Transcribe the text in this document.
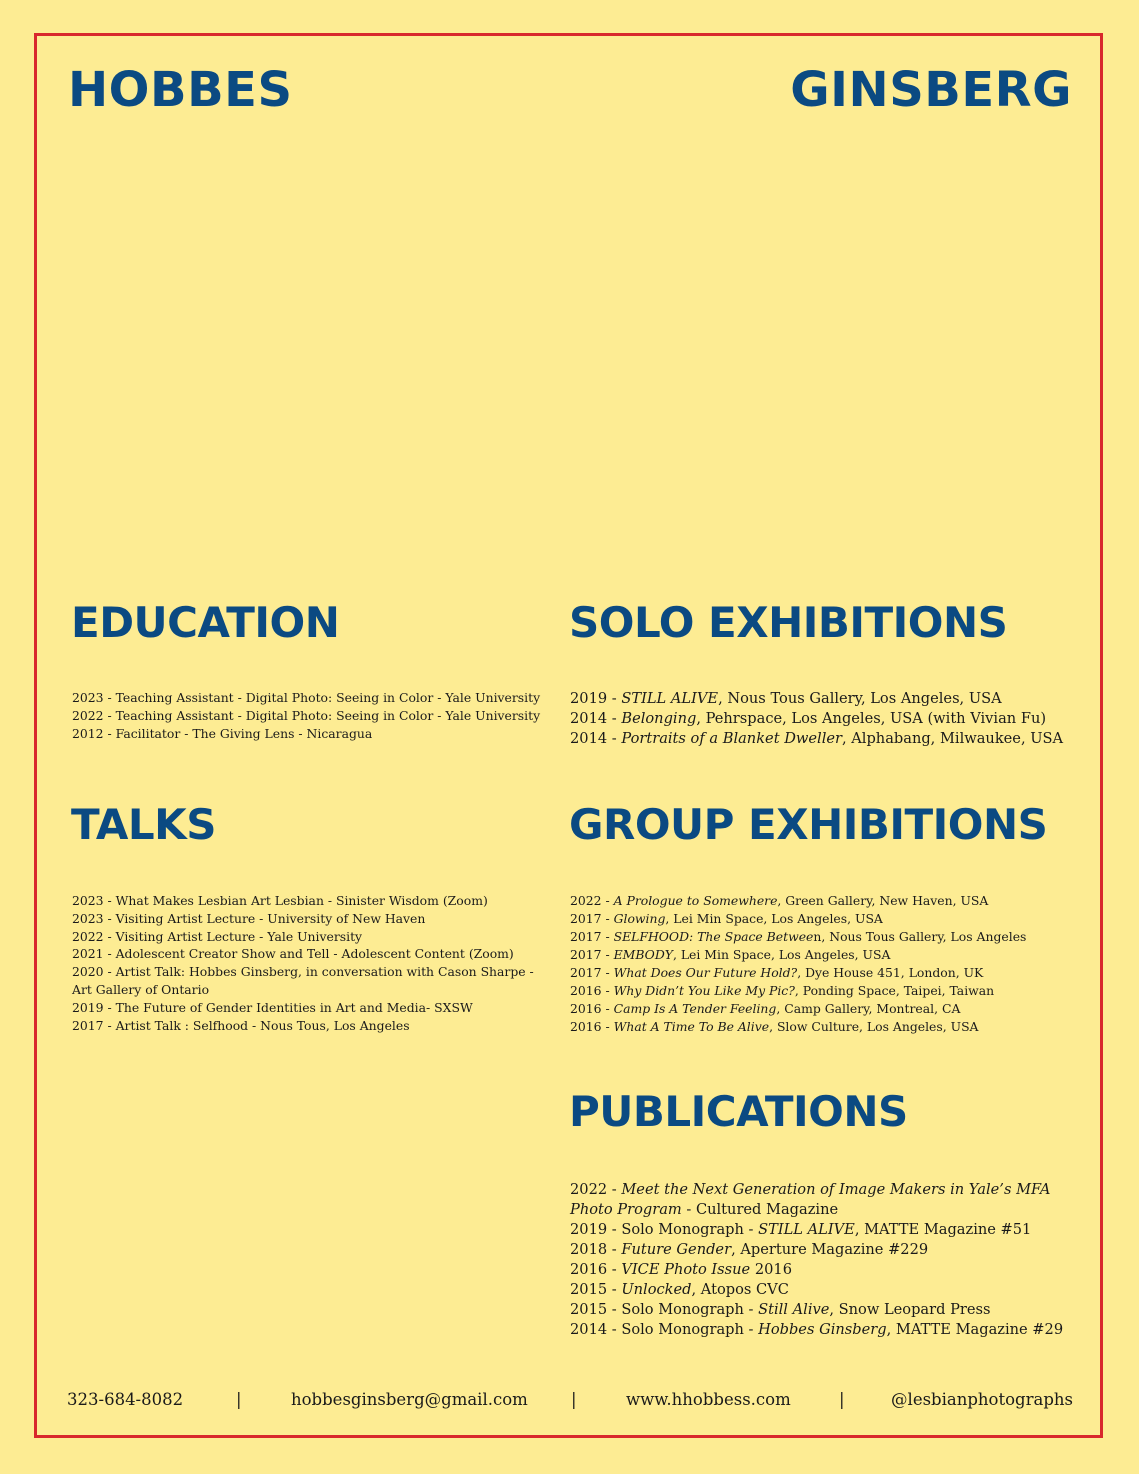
HOBBES	GINSBERG
EDUCATION
2023 - Teaching Assistant - Digital Photo: Seeing in Color - Yale University
2022 - Teaching Assistant - Digital Photo: Seeing in Color - Yale University
2012 - Facilitator - The Giving Lens - Nicaragua
TALKS
2023 - What Makes Lesbian Art Lesbian - Sinister Wisdom (Zoom)
2023 - Visiting Artist Lecture - University of New Haven
2022 - Visiting Artist Lecture - Yale University
2021 - Adolescent Creator Show and Tell - Adolescent Content (Zoom)
2020 - Artist Talk: Hobbes Ginsberg, in conversation with Cason Sharpe - Art Gallery of Ontario
2019 - The Future of Gender Identities in Art and Media- SXSW
2017 - Artist Talk : Selfhood - Nous Tous, Los Angeles
SOLO EXHIBITIONS
2019 - STILL ALIVE, Nous Tous Gallery, Los Angeles, USA
2014 - Belonging, Pehrspace, Los Angeles, USA (with Vivian Fu)
2014 - Portraits of a Blanket Dweller, Alphabang, Milwaukee, USA
GROUP EXHIBITIONS
2022 - A Prologue to Somewhere, Green Gallery, New Haven, USA
2017 - Glowing, Lei Min Space, Los Angeles, USA
2017 - SELFHOOD: The Space Between, Nous Tous Gallery, Los Angeles
2017 - EMBODY, Lei Min Space, Los Angeles, USA
2017 - What Does Our Future Hold?, Dye House 451, London, UK
2016 - Why Didn’t You Like My Pic?, Ponding Space, Taipei, Taiwan
2016 - Camp Is A Tender Feeling, Camp Gallery, Montreal, CA
2016 - What A Time To Be Alive, Slow Culture, Los Angeles, USA
PUBLICATIONS
2022 - Meet the Next Generation of Image Makers in Yale’s MFA Photo Program - Cultured Magazine
2019 - Solo Monograph - STILL ALIVE, MATTE Magazine #51
2018 - Future Gender, Aperture Magazine #229
2016 - VICE Photo Issue 2016
2015 - Unlocked, Atopos CVC
2015 - Solo Monograph - Still Alive, Snow Leopard Press
2014 - Solo Monograph - Hobbes Ginsberg, MATTE Magazine #29
323-684-8082	|	hobbesginsberg@gmail.com	|	www.hhobbess.com	|	@lesbianphotographs
